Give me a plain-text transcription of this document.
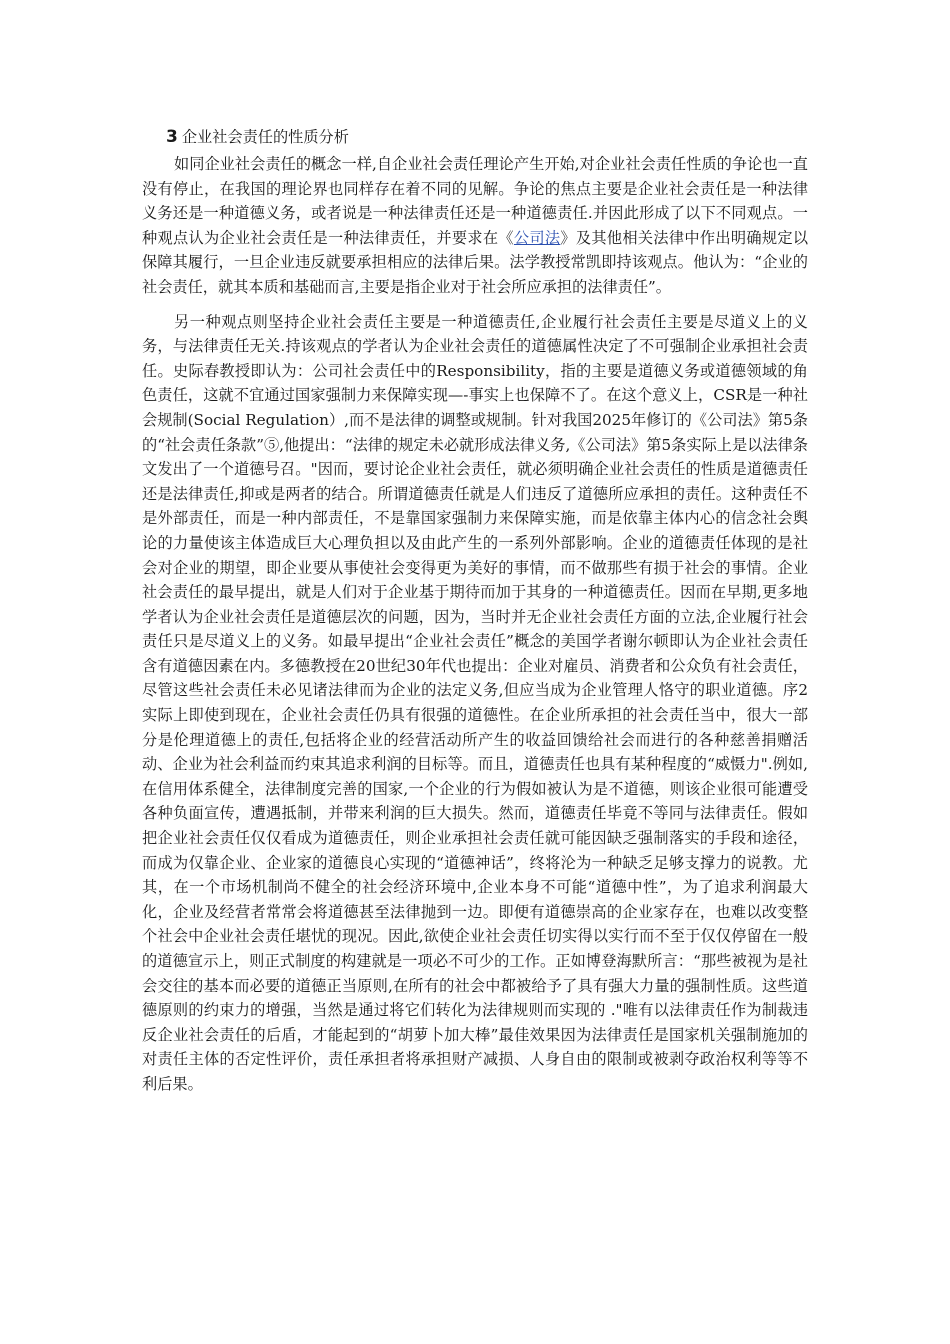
3 企业社会责任的性质分析

如同企业社会责任的概念一样,自企业社会责任理论产生开始,对企业社会责任性质的争论也一直没有停止，在我国的理论界也同样存在着不同的见解。争论的焦点主要是企业社会责任是一种法律义务还是一种道德义务，或者说是一种法律责任还是一种道德责任.并因此形成了以下不同观点。一种观点认为企业社会责任是一种法律责任，并要求在《公司法》及其他相关法律中作出明确规定以保障其履行，一旦企业违反就要承担相应的法律后果。法学教授常凯即持该观点。他认为：“企业的社会责任，就其本质和基础而言,主要是指企业对于社会所应承担的法律责任”。

另一种观点则坚持企业社会责任主要是一种道德责任,企业履行社会责任主要是尽道义上的义务，与法律责任无关.持该观点的学者认为企业社会责任的道德属性决定了不可强制企业承担社会责任。史际春教授即认为：公司社会责任中的Responsibility，指的主要是道德义务或道德领域的角色责任，这就不宜通过国家强制力来保障实现—-事实上也保障不了。在这个意义上，CSR是一种社会规制(Social Regulation）,而不是法律的调整或规制。针对我国2025年修订的《公司法》第5条的“社会责任条款”⑤,他提出：“法律的规定未必就形成法律义务,《公司法》第5条实际上是以法律条文发出了一个道德号召。"因而，要讨论企业社会责任，就必须明确企业社会责任的性质是道德责任还是法律责任,抑或是两者的结合。所谓道德责任就是人们违反了道德所应承担的责任。这种责任不是外部责任，而是一种内部责任，不是靠国家强制力来保障实施，而是依靠主体内心的信念社会舆论的力量使该主体造成巨大心理负担以及由此产生的一系列外部影响。企业的道德责任体现的是社会对企业的期望，即企业要从事使社会变得更为美好的事情，而不做那些有损于社会的事情。企业社会责任的最早提出，就是人们对于企业基于期待而加于其身的一种道德责任。因而在早期,更多地学者认为企业社会责任是道德层次的问题，因为，当时并无企业社会责任方面的立法,企业履行社会责任只是尽道义上的义务。如最早提出“企业社会责任”概念的美国学者谢尔顿即认为企业社会责任含有道德因素在内。多德教授在20世纪30年代也提出：企业对雇员、消费者和公众负有社会责任，尽管这些社会责任未必见诸法律而为企业的法定义务,但应当成为企业管理人恪守的职业道德。序2实际上即使到现在，企业社会责任仍具有很强的道德性。在企业所承担的社会责任当中，很大一部分是伦理道德上的责任,包括将企业的经营活动所产生的收益回馈给社会而进行的各种慈善捐赠活动、企业为社会利益而约束其追求利润的目标等。而且，道德责任也具有某种程度的“威慑力".例如,在信用体系健全，法律制度完善的国家,一个企业的行为假如被认为是不道德，则该企业很可能遭受各种负面宣传，遭遇抵制，并带来利润的巨大损失。然而，道德责任毕竟不等同与法律责任。假如把企业社会责任仅仅看成为道德责任，则企业承担社会责任就可能因缺乏强制落实的手段和途径，而成为仅靠企业、企业家的道德良心实现的“道德神话”，终将沦为一种缺乏足够支撑力的说教。尤其，在一个市场机制尚不健全的社会经济环境中,企业本身不可能“道德中性”，为了追求利润最大化，企业及经营者常常会将道德甚至法律抛到一边。即便有道德崇高的企业家存在，也难以改变整个社会中企业社会责任堪忧的现况。因此,欲使企业社会责任切实得以实行而不至于仅仅停留在一般的道德宣示上，则正式制度的构建就是一项必不可少的工作。正如博登海默所言：“那些被视为是社会交往的基本而必要的道德正当原则,在所有的社会中都被给予了具有强大力量的强制性质。这些道德原则的约束力的增强，当然是通过将它们转化为法律规则而实现的 ."唯有以法律责任作为制裁违反企业社会责任的后盾，才能起到的“胡萝卜加大棒”最佳效果因为法律责任是国家机关强制施加的对责任主体的否定性评价，责任承担者将承担财产减损、人身自由的限制或被剥夺政治权利等等不利后果。
